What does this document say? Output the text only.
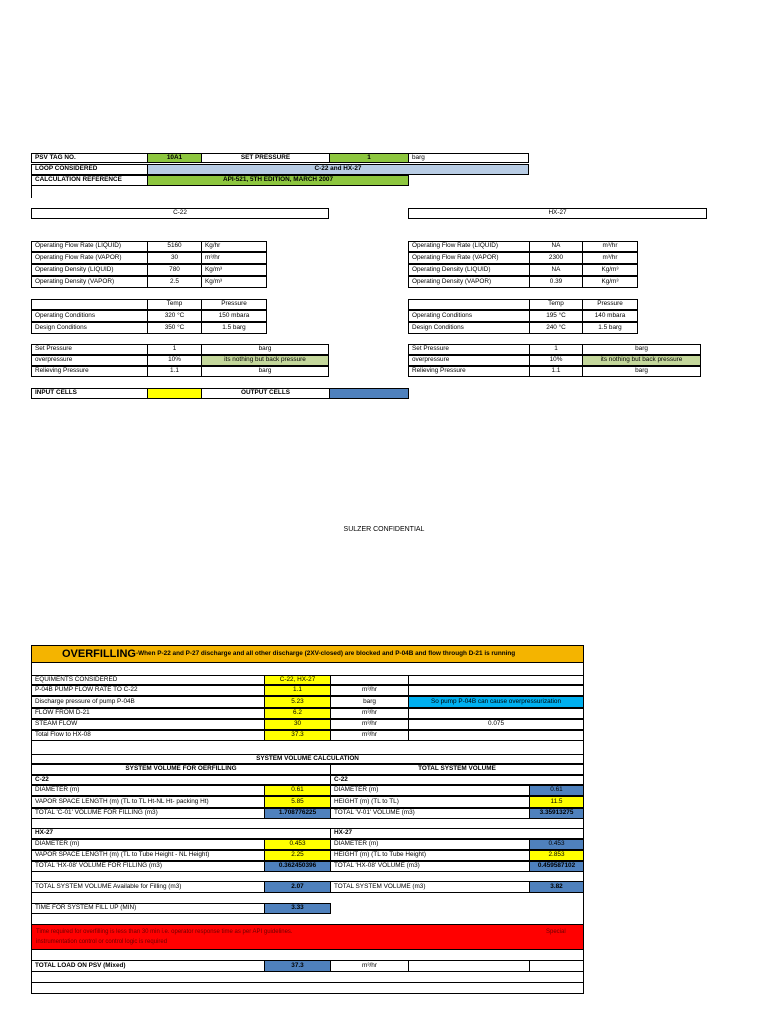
PSV TAG NO.	10A1	SET PRESSURE	1	barg
LOOP CONSIDERED	C-22 and HX-27
CALCULATION REFERENCE	API-521, 5TH EDITION, MARCH 2007
C-22
Operating Flow Rate (LIQUID)	5160	Kg/hr
Operating Flow Rate (VAPOR)	30	m³/hr
Operating Density (LIQUID)	780	Kg/m³
Operating Density (VAPOR)	2.5	Kg/m³
Temp	Pressure
Operating Conditions	320 °C	150 mbara
Design Conditions	350 °C	1.5 barg
Set Pressure	1	barg
overpressure	10%	its nothing but back pressure
Relieving Pressure	1.1	barg
HX-27
Operating Flow Rate (LIQUID)	NA	m³/hr
Operating Flow Rate (VAPOR)	2300	m³/hr
Operating Density (LIQUID)	NA	Kg/m³
Operating Density (VAPOR)	0.39	Kg/m³
Temp	Pressure
Operating Conditions	195 °C	140 mbara
Design Conditions	240 °C	1.5 barg
Set Pressure	1	barg
overpressure	10%	its nothing but back pressure
Relieving Pressure	1.1	barg
INPUT CELLS	OUTPUT CELLS
SULZER CONFIDENTIAL
OVERFILLING -When P-22 and P-27 discharge and all other discharge (2XV-closed) are blocked and P-04B and flow through D-21 is running
EQUIMENTS CONSIDERED	C-22, HX-27
P-04B PUMP FLOW RATE TO C-22	1.1	m³/hr
Discharge pressure of pump P-04B	5.23	barg	So pump P-04B can cause overpressurization
FLOW FROM D-21	6.2	m³/hr
STEAM FLOW	30	m³/hr	0.075
Total Flow to HX-08	37.3	m³/hr
SYSTEM VOLUME CALCULATION
SYSTEM VOLUME FOR OERFILLING	TOTAL SYSTEM VOLUME
C-22	C-22
DIAMETER (m)	0.61	DIAMETER (m)	0.61
VAPOR SPACE LENGTH (m) (TL to TL Ht-NL Ht- packing Ht)	5.85	HEIGHT (m) (TL to TL)	11.5
TOTAL 'C-01' VOLUME FOR FILLING (m3)	1.708776225	TOTAL 'V-01' VOLUME (m3)	3.35913275
HX-27	HX-27
DIAMETER (m)	0.453	DIAMETER (m)	0.453
VAPOR SPACE LENGTH (m) (TL to Tube Height - NL Height)	2.25	HEIGHT (m) (TL to Tube Height)	2.853
TOTAL 'HX-08' VOLUME FOR FILLING (m3)	0.362450396	TOTAL 'HX-08' VOLUME (m3)	0.459587102
TOTAL SYSTEM VOLUME Available for Filling (m3)	2.07	TOTAL SYSTEM VOLUME (m3)	3.82
TIME FOR SYSTEM FILL UP (MIN)	3.33
Time required for overfilling is less than 30 min i.e. operator response time as per API guidelines.	Special
instrumentation control or control logic is required
TOTAL LOAD ON PSV (Mixed)	37.3	m³/hr
